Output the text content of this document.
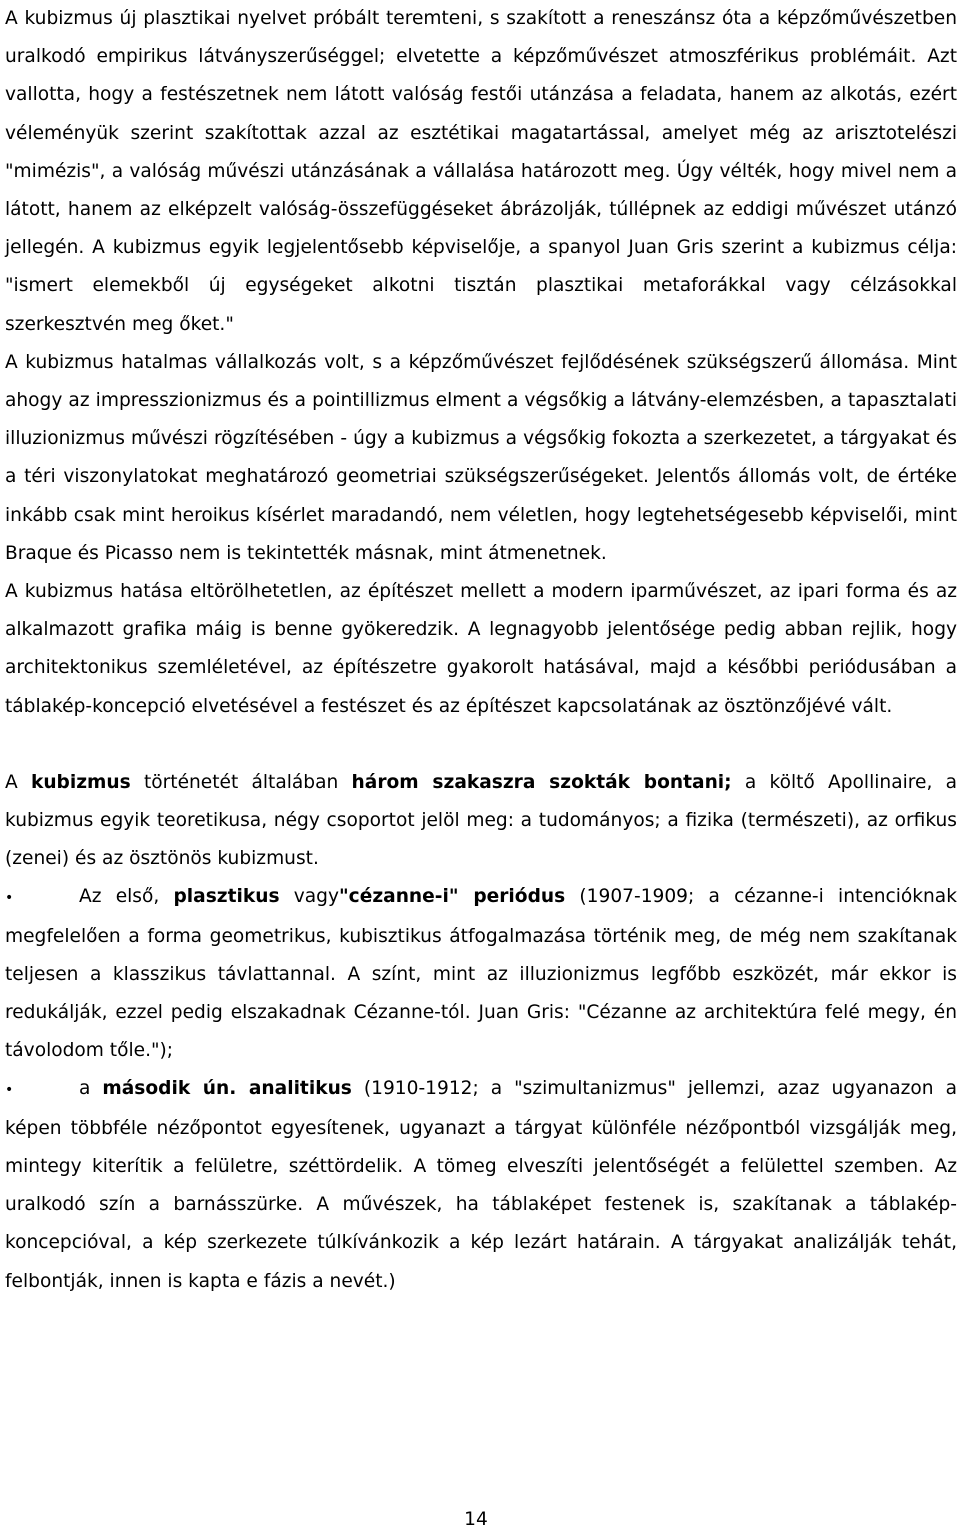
A kubizmus új plasztikai nyelvet próbált teremteni, s szakított a reneszánsz óta a képzőművészetben uralkodó empirikus látványszerűséggel; elvetette a képzőművészet atmoszférikus problémáit. Azt vallotta, hogy a festészetnek nem látott valóság festői utánzása a feladata, hanem az alkotás, ezért véleményük szerint szakítottak azzal az esztétikai magatartással, amelyet még az arisztotelészi "mimézis", a valóság művészi utánzásának a vállalása határozott meg. Úgy vélték, hogy mivel nem a látott, hanem az elképzelt valóság-összefüggéseket ábrázolják, túllépnek az eddigi művészet utánzó jellegén. A kubizmus egyik legjelentősebb képviselője, a spanyol Juan Gris szerint a kubizmus célja: "ismert elemekből új egységeket alkotni tisztán plasztikai metaforákkal vagy célzásokkal szerkesztvén meg őket."

A kubizmus hatalmas vállalkozás volt, s a képzőművészet fejlődésének szükségszerű állomása. Mint ahogy az impresszionizmus és a pointillizmus elment a végsőkig a látvány-elemzésben, a tapasztalati illuzionizmus művészi rögzítésében - úgy a kubizmus a végsőkig fokozta a szerkezetet, a tárgyakat és a téri viszonylatokat meghatározó geometriai szükségszerűségeket. Jelentős állomás volt, de értéke inkább csak mint heroikus kísérlet maradandó, nem véletlen, hogy legtehetségesebb képviselői, mint Braque és Picasso nem is tekintették másnak, mint átmenetnek.

A kubizmus hatása eltörölhetetlen, az építészet mellett a modern iparművészet, az ipari forma és az alkalmazott grafika máig is benne gyökeredzik. A legnagyobb jelentősége pedig abban rejlik, hogy architektonikus szemléletével, az építészetre gyakorolt hatásával, majd a későbbi periódusában a táblakép-koncepció elvetésével a festészet és az építészet kapcsolatának az ösztönzőjévé vált.

A kubizmus történetét általában három szakaszra szokták bontani; a költő Apollinaire, a kubizmus egyik teoretikusa, négy csoportot jelöl meg: a tudományos; a fizika (természeti), az orfikus (zenei) és az ösztönös kubizmust.

•	Az első, plasztikus vagy"cézanne-i" periódus (1907-1909; a cézanne-i intencióknak megfelelően a forma geometrikus, kubisztikus átfogalmazása történik meg, de még nem szakítanak teljesen a klasszikus távlattannal. A színt, mint az illuzionizmus legfőbb eszközét, már ekkor is redukálják, ezzel pedig elszakadnak Cézanne-tól. Juan Gris: "Cézanne az architektúra felé megy, én távolodom tőle.");

•	a második ún. analitikus (1910-1912; a "szimultanizmus" jellemzi, azaz ugyanazon a képen többféle nézőpontot egyesítenek, ugyanazt a tárgyat különféle nézőpontból vizsgálják meg, mintegy kiterítik a felületre, széttördelik. A tömeg elveszíti jelentőségét a felülettel szemben. Az uralkodó szín a barnásszürke. A művészek, ha táblaképet festenek is, szakítanak a táblakép-koncepcióval, a kép szerkezete túlkívánkozik a kép lezárt határain. A tárgyakat analizálják tehát, felbontják, innen is kapta e fázis a nevét.)

14
